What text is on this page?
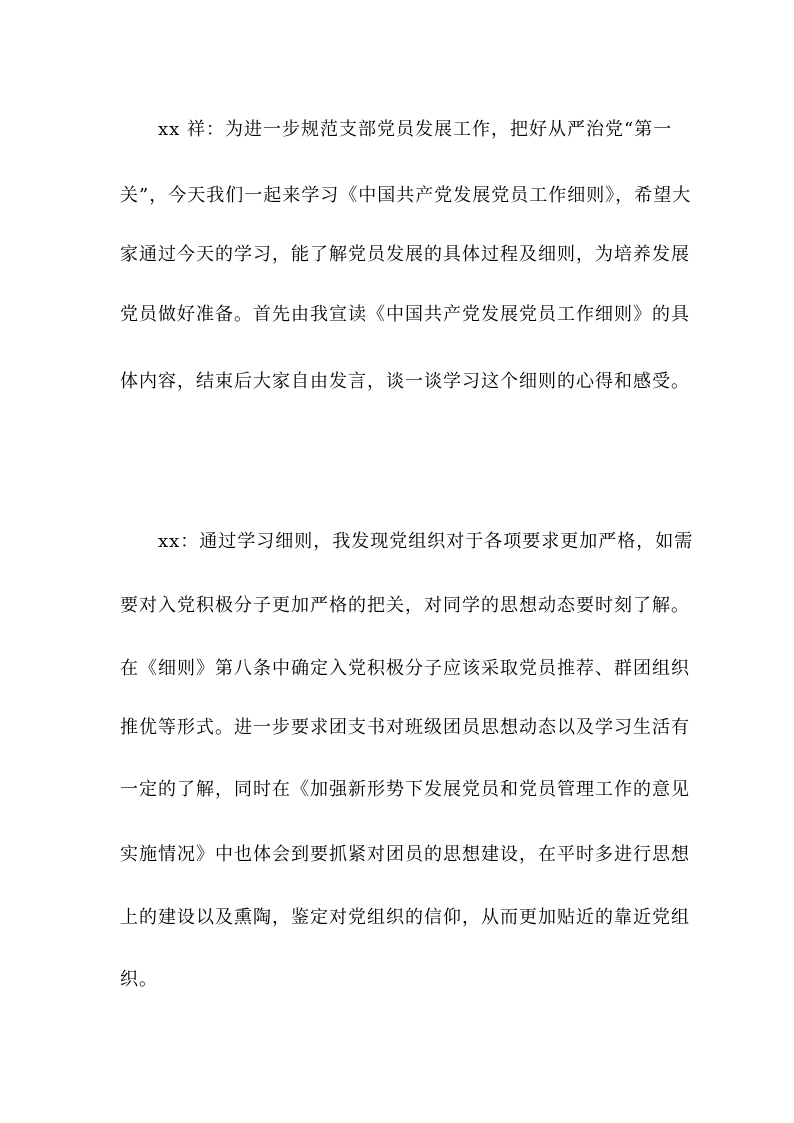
xx 祥：为进一步规范支部党员发展工作，把好从严治党“第一
关”，今天我们一起来学习《中国共产党发展党员工作细则》，希望大
家通过今天的学习，能了解党员发展的具体过程及细则，为培养发展
党员做好准备。首先由我宣读《中国共产党发展党员工作细则》的具
体内容，结束后大家自由发言，谈一谈学习这个细则的心得和感受。
xx：通过学习细则，我发现党组织对于各项要求更加严格，如需
要对入党积极分子更加严格的把关，对同学的思想动态要时刻了解。
在《细则》第八条中确定入党积极分子应该采取党员推荐、群团组织
推优等形式。进一步要求团支书对班级团员思想动态以及学习生活有
一定的了解，同时在《加强新形势下发展党员和党员管理工作的意见
实施情况》中也体会到要抓紧对团员的思想建设，在平时多进行思想
上的建设以及熏陶，鉴定对党组织的信仰，从而更加贴近的靠近党组
织。
